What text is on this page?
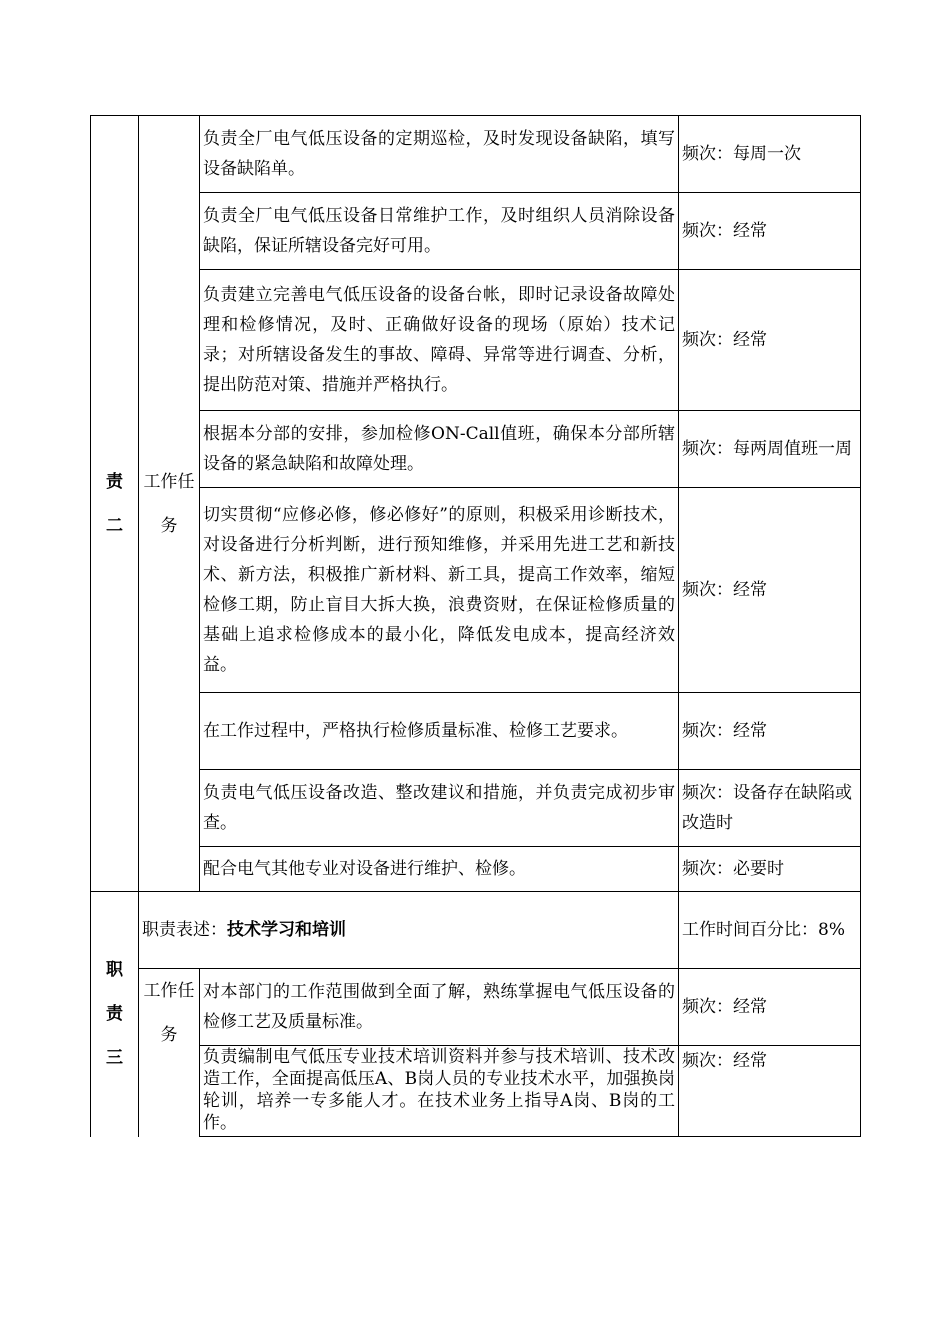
责二	工作任务	负责全厂电气低压设备的定期巡检，及时发现设备缺陷，填写设备缺陷单。	频次：每周一次
		负责全厂电气低压设备日常维护工作，及时组织人员消除设备缺陷，保证所辖设备完好可用。	频次：经常
		负责建立完善电气低压设备的设备台帐，即时记录设备故障处理和检修情况，及时、正确做好设备的现场（原始）技术记录；对所辖设备发生的事故、障碍、异常等进行调查、分析，提出防范对策、措施并严格执行。	频次：经常
		根据本分部的安排，参加检修ON-Call值班，确保本分部所辖设备的紧急缺陷和故障处理。	频次：每两周值班一周
		切实贯彻“应修必修，修必修好”的原则，积极采用诊断技术，对设备进行分析判断，进行预知维修，并采用先进工艺和新技术、新方法，积极推广新材料、新工具，提高工作效率，缩短检修工期，防止盲目大拆大换，浪费资财，在保证检修质量的基础上追求检修成本的最小化，降低发电成本，提高经济效益。	频次：经常
		在工作过程中，严格执行检修质量标准、检修工艺要求。	频次：经常
		负责电气低压设备改造、整改建议和措施，并负责完成初步审查。	频次：设备存在缺陷或改造时
		配合电气其他专业对设备进行维护、检修。	频次：必要时

职责三	职责表述：技术学习和培训		工作时间百分比：8%

	工作任务	对本部门的工作范围做到全面了解，熟练掌握电气低压设备的检修工艺及质量标准。	频次：经常
		负责编制电气低压专业技术培训资料并参与技术培训、技术改造工作，全面提高低压A、B岗人员的专业技术水平，加强换岗轮训，培养一专多能人才。在技术业务上指导A岗、B岗的工作。	频次：经常
